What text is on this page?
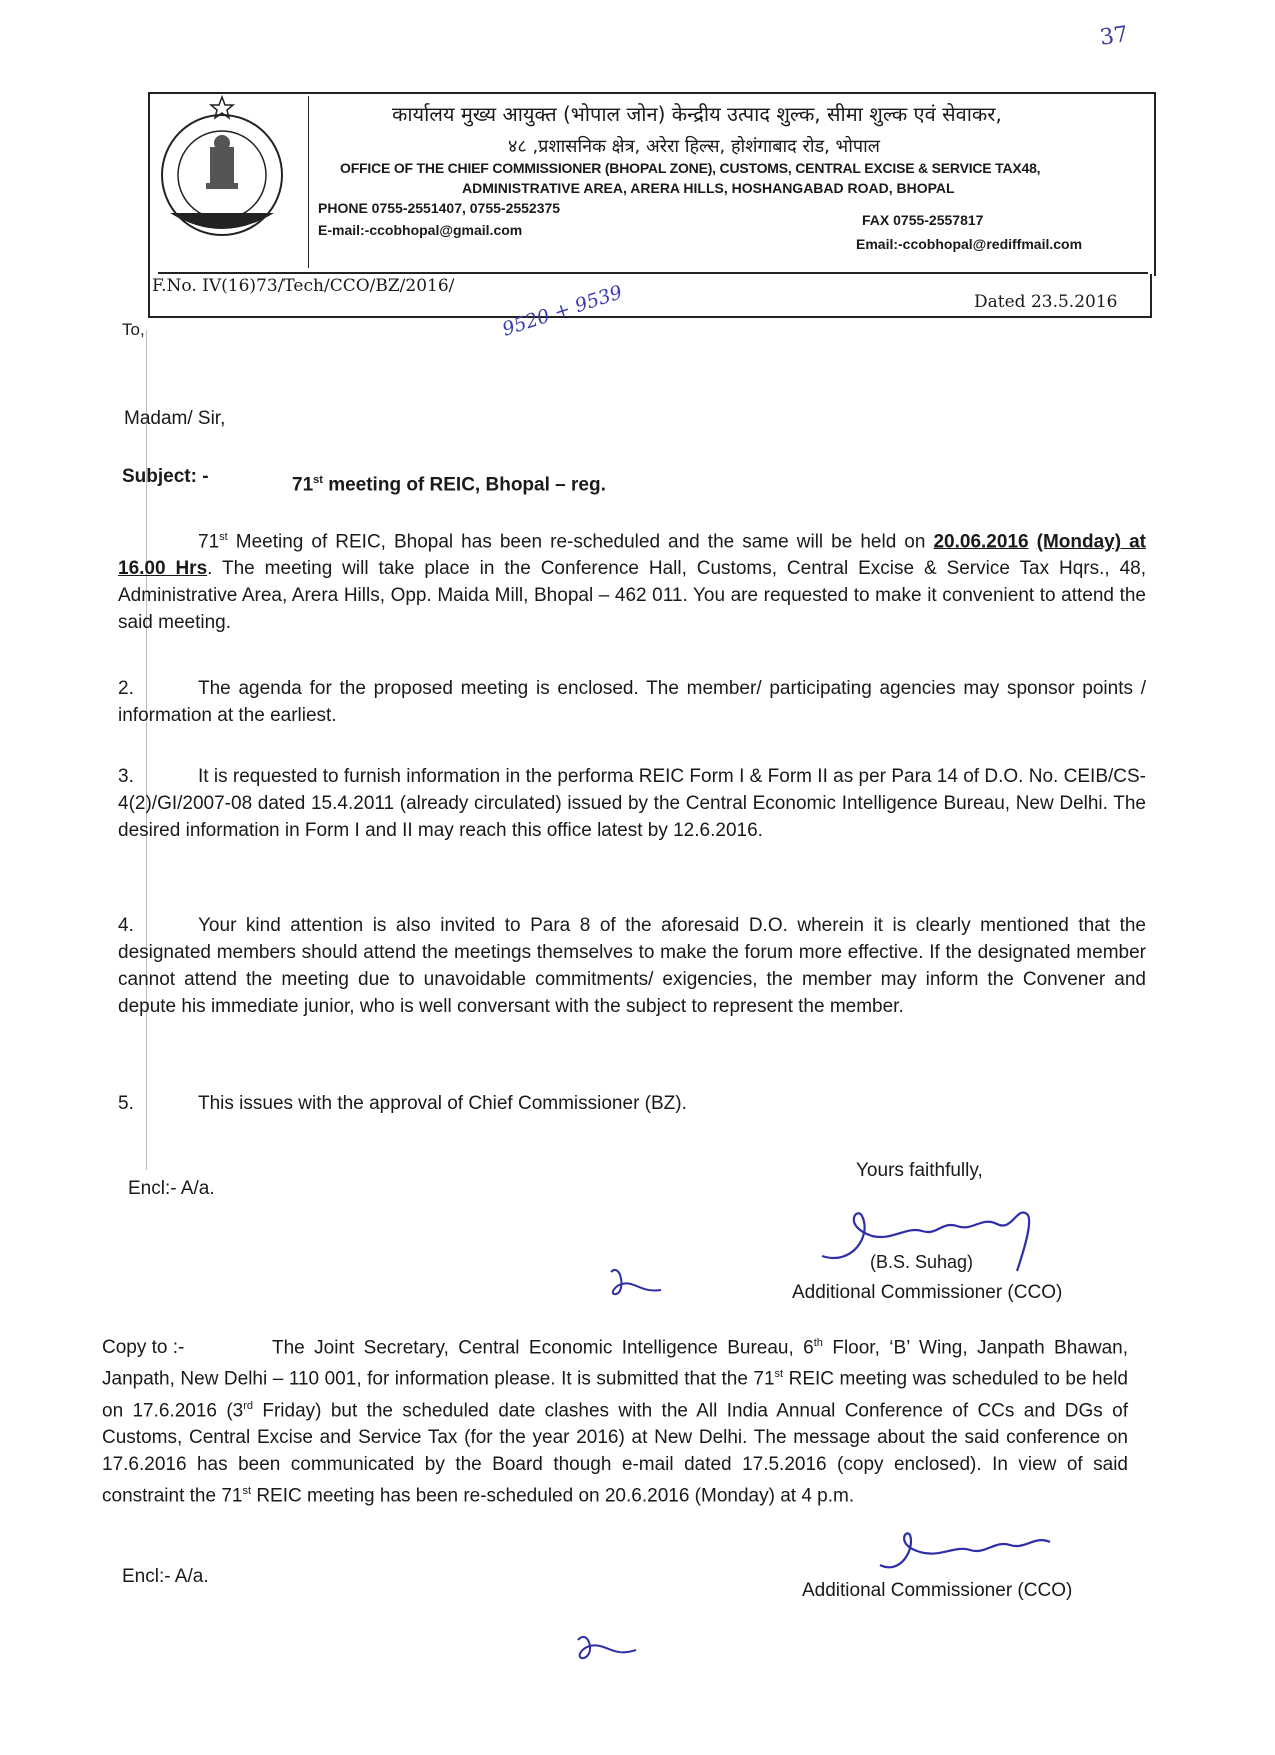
37
कार्यालय मुख्य आयुक्त (भोपाल जोन) केन्द्रीय उत्पाद शुल्क, सीमा शुल्क एवं सेवाकर,
४८ ,प्रशासनिक क्षेत्र, अरेरा हिल्स, होशंगाबाद रोड, भोपाल
OFFICE OF THE CHIEF COMMISSIONER (BHOPAL ZONE), CUSTOMS, CENTRAL EXCISE & SERVICE TAX48,
ADMINISTRATIVE AREA, ARERA HILLS, HOSHANGABAD ROAD, BHOPAL
PHONE 0755-2551407, 0755-2552375
FAX 0755-2557817
E-mail:-ccobhopal@gmail.com
Email:-ccobhopal@rediffmail.com
F.No. IV(16)73/Tech/CCO/BZ/2016/
Dated 23.5.2016
To,	9520 + 9539
Madam/ Sir,
Subject: -	71st meeting of REIC, Bhopal – reg.
71st Meeting of REIC, Bhopal has been re-scheduled and the same will be held on 20.06.2016 (Monday) at 16.00 Hrs. The meeting will take place in the Conference Hall, Customs, Central Excise & Service Tax Hqrs., 48, Administrative Area, Arera Hills, Opp. Maida Mill, Bhopal – 462 011. You are requested to make it convenient to attend the said meeting.
2.	The agenda for the proposed meeting is enclosed. The member/ participating agencies may sponsor points / information at the earliest.
3.	It is requested to furnish information in the performa REIC Form I & Form II as per Para 14 of D.O. No. CEIB/CS-4(2)/GI/2007-08 dated 15.4.2011 (already circulated) issued by the Central Economic Intelligence Bureau, New Delhi. The desired information in Form I and II may reach this office latest by 12.6.2016.
4.	Your kind attention is also invited to Para 8 of the aforesaid D.O. wherein it is clearly mentioned that the designated members should attend the meetings themselves to make the forum more effective. If the designated member cannot attend the meeting due to unavoidable commitments/ exigencies, the member may inform the Convener and depute his immediate junior, who is well conversant with the subject to represent the member.
5.	This issues with the approval of Chief Commissioner (BZ).
Encl:- A/a.
Yours faithfully,
(B.S. Suhag)
Additional Commissioner (CCO)
Copy to :-	The Joint Secretary, Central Economic Intelligence Bureau, 6th Floor, ‘B’ Wing, Janpath Bhawan, Janpath, New Delhi – 110 001, for information please. It is submitted that the 71st REIC meeting was scheduled to be held on 17.6.2016 (3rd Friday) but the scheduled date clashes with the All India Annual Conference of CCs and DGs of Customs, Central Excise and Service Tax (for the year 2016) at New Delhi. The message about the said conference on 17.6.2016 has been communicated by the Board though e-mail dated 17.5.2016 (copy enclosed). In view of said constraint the 71st REIC meeting has been re-scheduled on 20.6.2016 (Monday) at 4 p.m.
Encl:- A/a.
Additional Commissioner (CCO)
